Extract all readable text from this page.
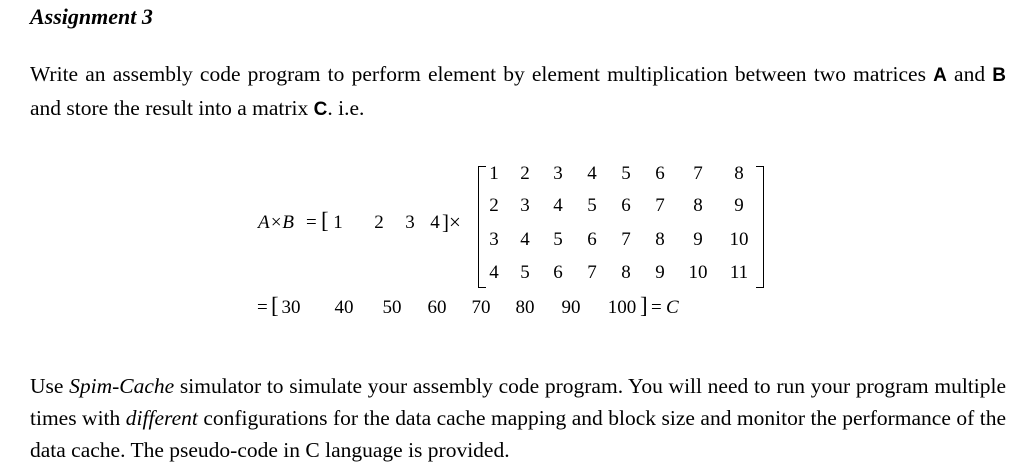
Assignment 3
Write an assembly code program to perform element by element multiplication between two matrices A and B and store the result into a matrix C. i.e.
A×B = [ 1	2	3 4 ]×
1	2	3	4	5	6	7	8
2	3	4	5	6	7	8	9
3	4	5	6	7	8	9	10
4	5	6	7	8	9	10	11
= [ 30 40 50 60 70 80 90 100 ] = C
Use Spim-Cache simulator to simulate your assembly code program. You will need to run your program multiple times with different configurations for the data cache mapping and block size and monitor the performance of the data cache. The pseudo-code in C language is provided.
